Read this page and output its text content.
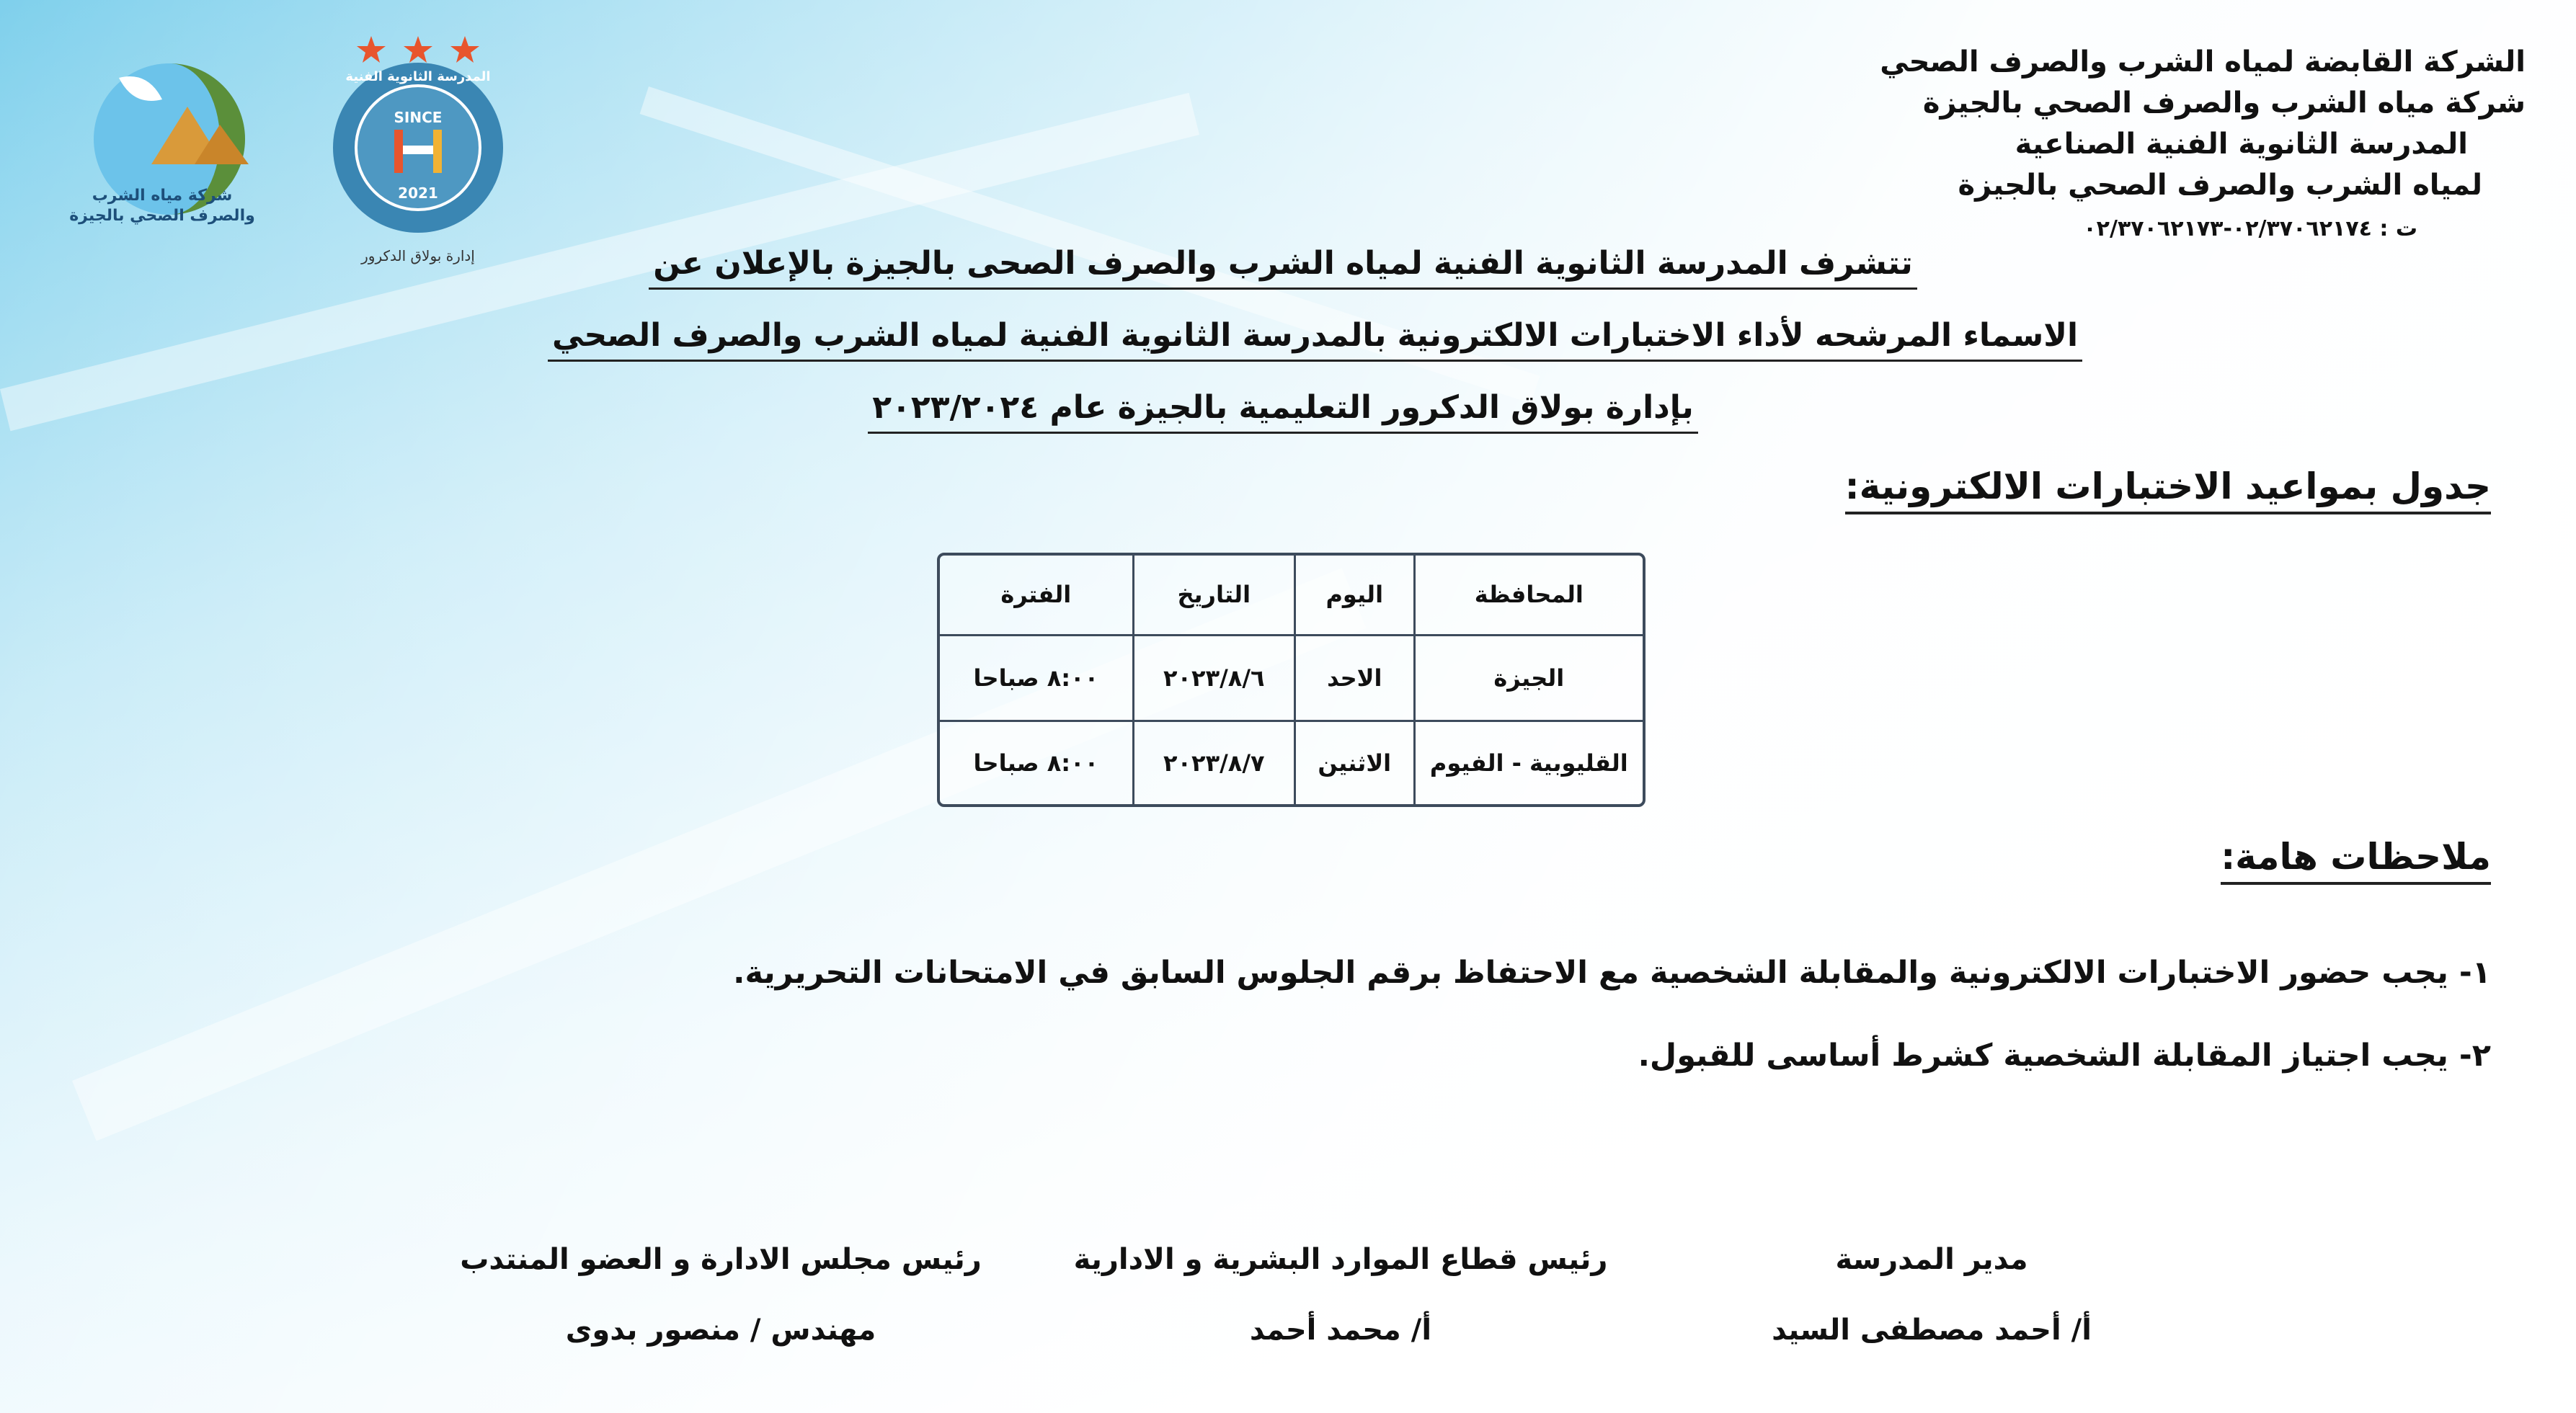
الشركة القابضة لمياه الشرب والصرف الصحي
شركة مياه الشرب والصرف الصحي بالجيزة
المدرسة الثانوية الفنية الصناعية
لمياه الشرب والصرف الصحي بالجيزة
ت : ٠٢/٣٧٠٦٢١٧٤-٠٢/٣٧٠٦٢١٧٣
شركة مياه الشرب
والصرف الصحي بالجيزة
SINCE
2021
المدرسة الثانوية الفنية
إدارة بولاق الدكرور	تتشرف المدرسة الثانوية الفنية لمياه الشرب والصرف الصحى بالجيزة بالإعلان عن
الاسماء المرشحه لأداء الاختبارات الالكترونية بالمدرسة الثانوية الفنية لمياه الشرب والصرف الصحي
بإدارة بولاق الدكرور التعليمية بالجيزة عام ٢٠٢٣/٢٠٢٤
جدول بمواعيد الاختبارات الالكترونية:
المحافظة	اليوم	التاريخ	الفترة
الجيزة	الاحد	٢٠٢٣/٨/٦	٨:٠٠ صباحا
القليوبية - الفيوم	الاثنين	٢٠٢٣/٨/٧	٨:٠٠ صباحا
ملاحظات هامة:
١- يجب حضور الاختبارات الالكترونية والمقابلة الشخصية مع الاحتفاظ برقم الجلوس السابق في الامتحانات التحريرية.
٢- يجب اجتياز المقابلة الشخصية كشرط أساسى للقبول.
مدير المدرسة
أ/ أحمد مصطفى السيد
رئيس قطاع الموارد البشرية و الادارية
أ/ محمد أحمد
رئيس مجلس الادارة و العضو المنتدب
مهندس / منصور بدوى
